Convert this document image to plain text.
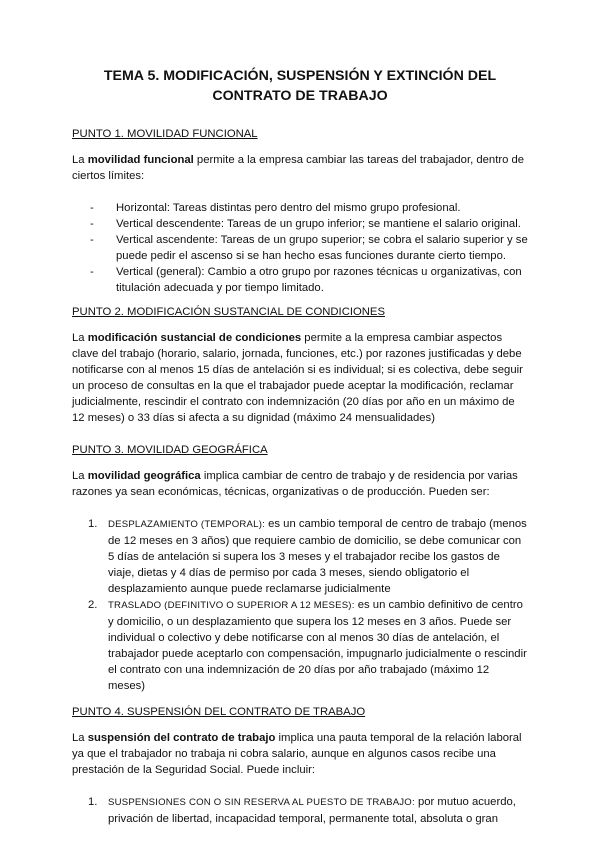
TEMA 5. MODIFICACIÓN, SUSPENSIÓN Y EXTINCIÓN DEL
CONTRATO DE TRABAJO
PUNTO 1. MOVILIDAD FUNCIONAL
La movilidad funcional permite a la empresa cambiar las tareas del trabajador, dentro de ciertos límites:
- Horizontal: Tareas distintas pero dentro del mismo grupo profesional.
- Vertical descendente: Tareas de un grupo inferior; se mantiene el salario original.
- Vertical ascendente: Tareas de un grupo superior; se cobra el salario superior y se puede pedir el ascenso si se han hecho esas funciones durante cierto tiempo.
- Vertical (general): Cambio a otro grupo por razones técnicas u organizativas, con titulación adecuada y por tiempo limitado.
PUNTO 2. MODIFICACIÓN SUSTANCIAL DE CONDICIONES
La modificación sustancial de condiciones permite a la empresa cambiar aspectos clave del trabajo (horario, salario, jornada, funciones, etc.) por razones justificadas y debe notificarse con al menos 15 días de antelación si es individual; si es colectiva, debe seguir un proceso de consultas en la que el trabajador puede aceptar la modificación, reclamar judicialmente, rescindir el contrato con indemnización (20 días por año en un máximo de 12 meses) o 33 días si afecta a su dignidad (máximo 24 mensualidades)
PUNTO 3. MOVILIDAD GEOGRÁFICA
La movilidad geográfica implica cambiar de centro de trabajo y de residencia por varias razones ya sean económicas, técnicas, organizativas o de producción. Pueden ser:
1. DESPLAZAMIENTO (TEMPORAL): es un cambio temporal de centro de trabajo (menos de 12 meses en 3 años) que requiere cambio de domicilio, se debe comunicar con 5 días de antelación si supera los 3 meses y el trabajador recibe los gastos de viaje, dietas y 4 días de permiso por cada 3 meses, siendo obligatorio el desplazamiento aunque puede reclamarse judicialmente
2. TRASLADO (DEFINITIVO O SUPERIOR A 12 MESES): es un cambio definitivo de centro y domicilio, o un desplazamiento que supera los 12 meses en 3 años. Puede ser individual o colectivo y debe notificarse con al menos 30 días de antelación, el trabajador puede aceptarlo con compensación, impugnarlo judicialmente o rescindir el contrato con una indemnización de 20 días por año trabajado (máximo 12 meses)
PUNTO 4. SUSPENSIÓN DEL CONTRATO DE TRABAJO
La suspensión del contrato de trabajo implica una pauta temporal de la relación laboral ya que el trabajador no trabaja ni cobra salario, aunque en algunos casos recibe una prestación de la Seguridad Social. Puede incluir:
1. SUSPENSIONES CON O SIN RESERVA AL PUESTO DE TRABAJO: por mutuo acuerdo, privación de libertad, incapacidad temporal, permanente total, absoluta o gran
